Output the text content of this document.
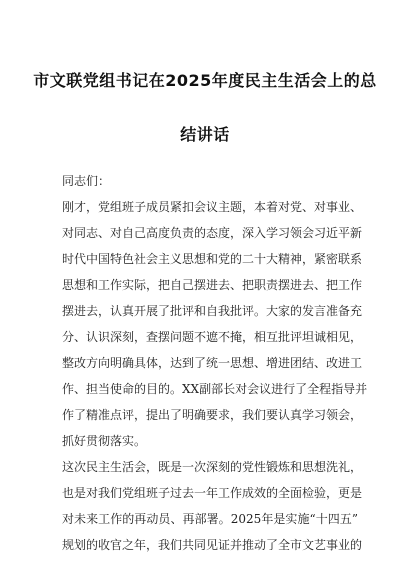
市文联党组书记在2025年度民主生活会上的总
结讲话
同志们：
刚才，党组班子成员紧扣会议主题，本着对党、对事业、
对同志、对自己高度负责的态度，深入学习领会习近平新
时代中国特色社会主义思想和党的二十大精神，紧密联系
思想和工作实际，把自己摆进去、把职责摆进去、把工作
摆进去，认真开展了批评和自我批评。大家的发言准备充
分、认识深刻，查摆问题不遮不掩，相互批评坦诚相见，
整改方向明确具体，达到了统一思想、增进团结、改进工
作、担当使命的目的。XX副部长对会议进行了全程指导并
作了精准点评，提出了明确要求，我们要认真学习领会，
抓好贯彻落实。
这次民主生活会，既是一次深刻的党性锻炼和思想洗礼，
也是对我们党组班子过去一年工作成效的全面检验，更是
对未来工作的再动员、再部署。2025年是实施“十四五”
规划的收官之年，我们共同见证并推动了全市文艺事业的
